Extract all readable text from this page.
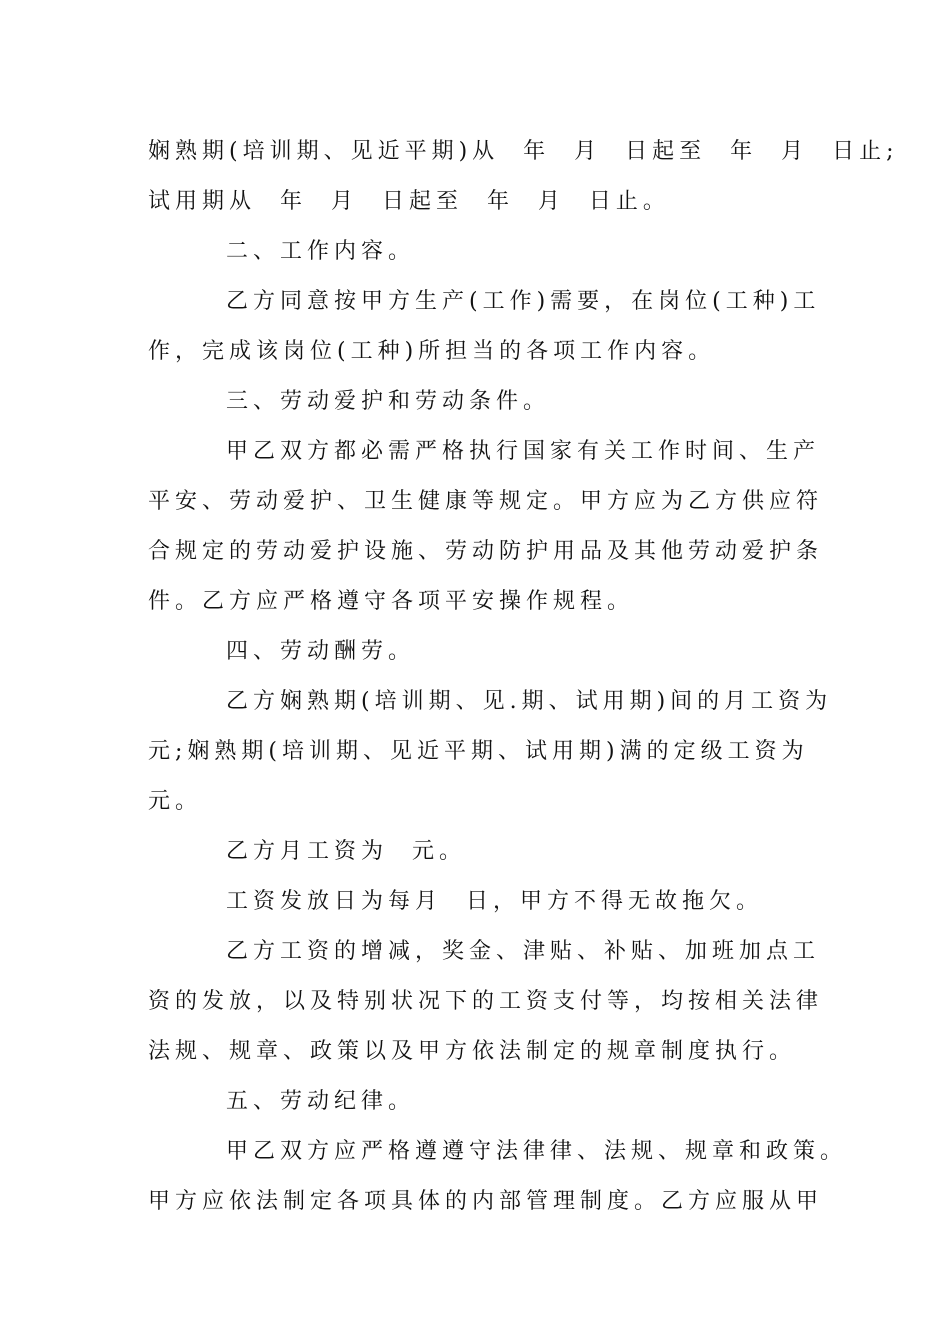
娴熟期(培训期、见近平期)从  年  月  日起至  年  月  日止;
试用期从  年  月  日起至  年  月  日止。
二、工作内容。
乙方同意按甲方生产(工作)需要，在岗位(工种)工
作，完成该岗位(工种)所担当的各项工作内容。
三、劳动爱护和劳动条件。
甲乙双方都必需严格执行国家有关工作时间、生产
平安、劳动爱护、卫生健康等规定。甲方应为乙方供应符
合规定的劳动爱护设施、劳动防护用品及其他劳动爱护条
件。乙方应严格遵守各项平安操作规程。
四、劳动酬劳。
乙方娴熟期(培训期、见.期、试用期)间的月工资为
元;娴熟期(培训期、见近平期、试用期)满的定级工资为
元。
乙方月工资为  元。
工资发放日为每月  日，甲方不得无故拖欠。
乙方工资的增减，奖金、津贴、补贴、加班加点工
资的发放，以及特别状况下的工资支付等，均按相关法律
法规、规章、政策以及甲方依法制定的规章制度执行。
五、劳动纪律。
甲乙双方应严格遵遵守法律律、法规、规章和政策。
甲方应依法制定各项具体的内部管理制度。乙方应服从甲
